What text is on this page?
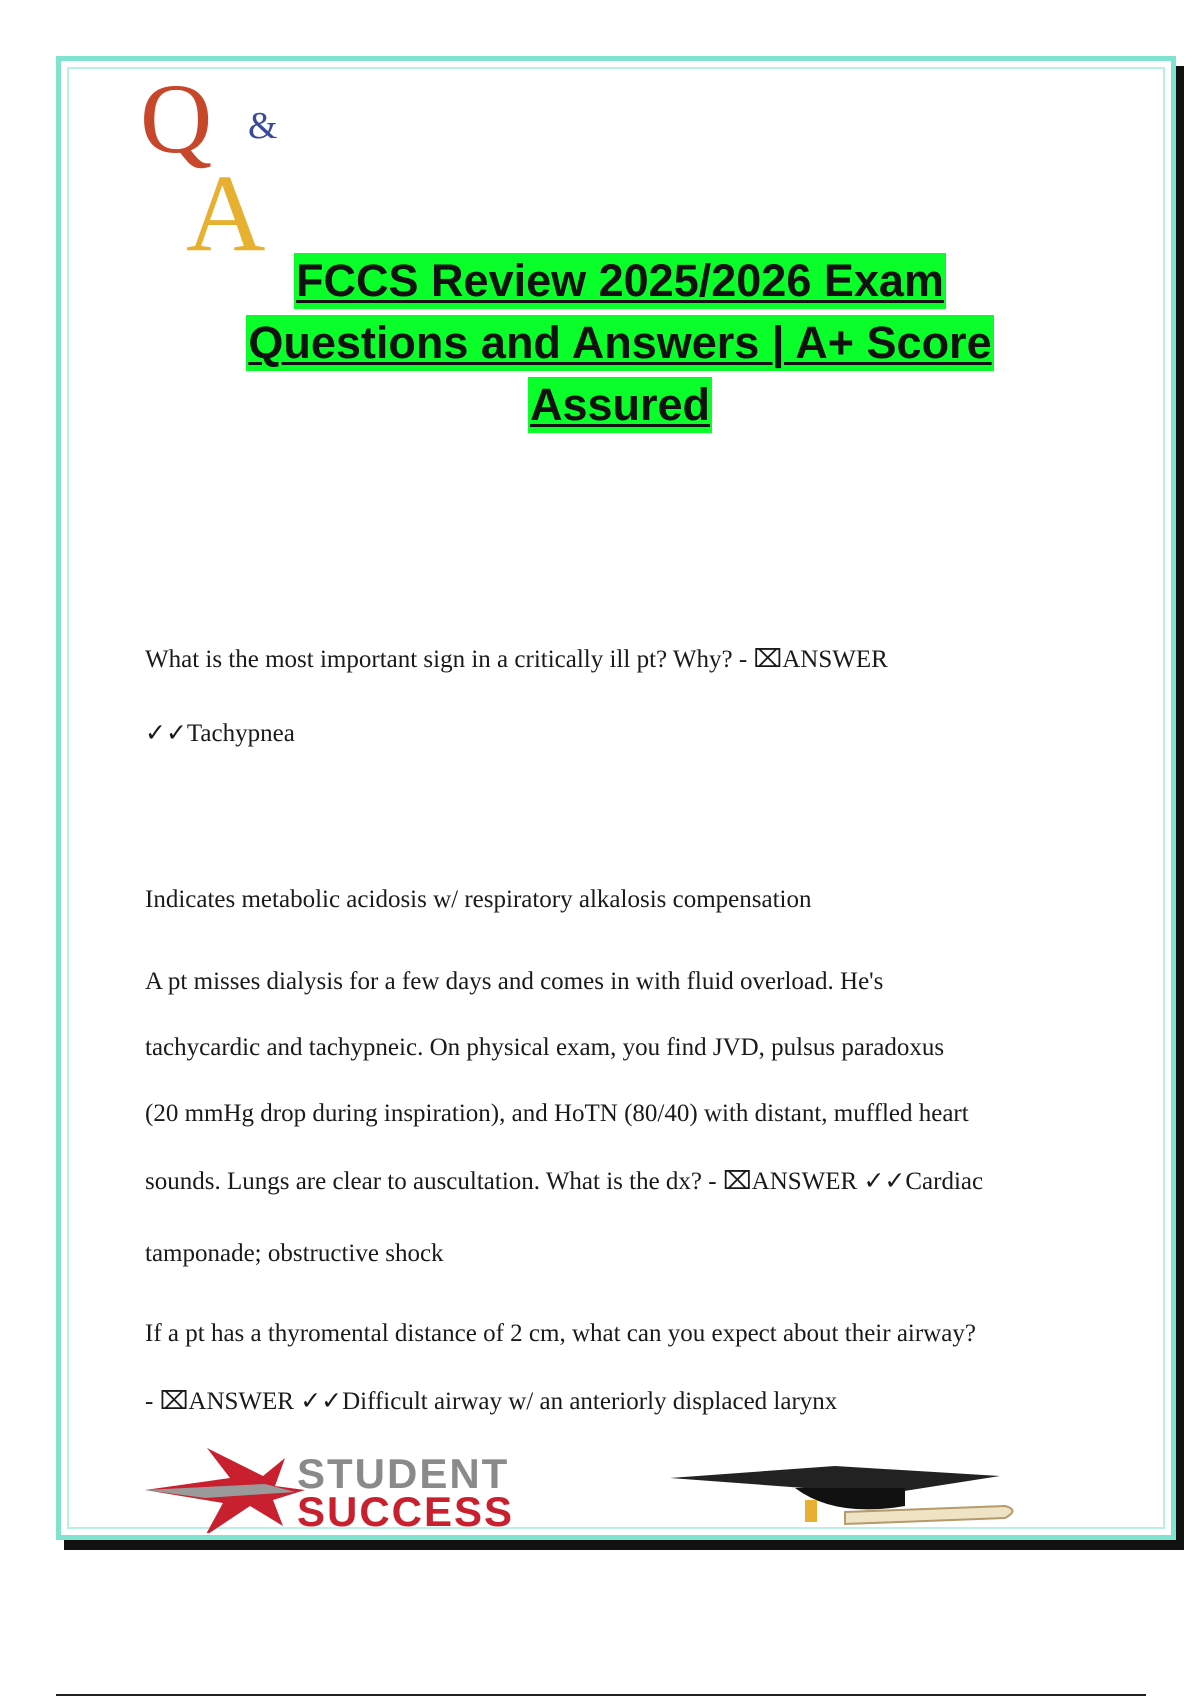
Q &
A
FCCS Review 2025/2026 Exam
Questions and Answers | A+ Score
Assured

What is the most important sign in a critically ill pt? Why? - ⌧ANSWER

✓✓Tachypnea

Indicates metabolic acidosis w/ respiratory alkalosis compensation

A pt misses dialysis for a few days and comes in with fluid overload. He's

tachycardic and tachypneic. On physical exam, you find JVD, pulsus paradoxus

(20 mmHg drop during inspiration), and HoTN (80/40) with distant, muffled heart

sounds. Lungs are clear to auscultation. What is the dx? - ⌧ANSWER ✓✓Cardiac

tamponade; obstructive shock

If a pt has a thyromental distance of 2 cm, what can you expect about their airway?

- ⌧ANSWER ✓✓Difficult airway w/ an anteriorly displaced larynx

STUDENT
SUCCESS
